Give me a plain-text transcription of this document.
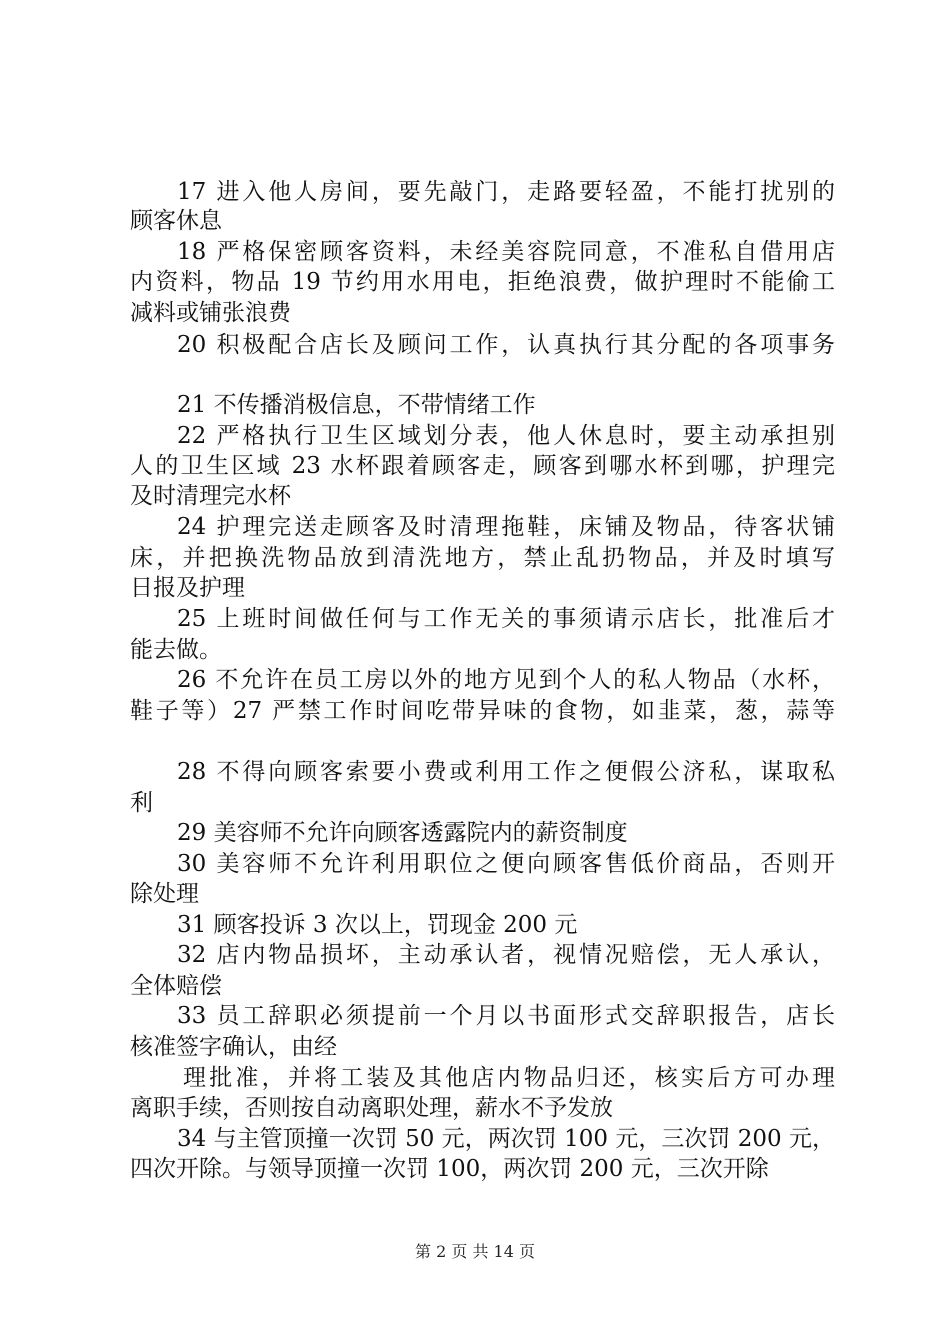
17 进入他人房间，要先敲门，走路要轻盈，不能打扰别的
顾客休息
18 严格保密顾客资料，未经美容院同意，不准私自借用店
内资料，物品 19 节约用水用电，拒绝浪费，做护理时不能偷工
减料或铺张浪费
20 积极配合店长及顾问工作，认真执行其分配的各项事务
21 不传播消极信息，不带情绪工作
22 严格执行卫生区域划分表，他人休息时，要主动承担别
人的卫生区域 23 水杯跟着顾客走，顾客到哪水杯到哪，护理完
及时清理完水杯
24 护理完送走顾客及时清理拖鞋，床铺及物品，待客状铺
床，并把换洗物品放到清洗地方，禁止乱扔物品，并及时填写
日报及护理
25 上班时间做任何与工作无关的事须请示店长，批准后才
能去做。
26 不允许在员工房以外的地方见到个人的私人物品（水杯，
鞋子等）27 严禁工作时间吃带异味的食物，如韭菜，葱，蒜等
28 不得向顾客索要小费或利用工作之便假公济私，谋取私
利
29 美容师不允许向顾客透露院内的薪资制度
30 美容师不允许利用职位之便向顾客售低价商品，否则开
除处理
31 顾客投诉 3 次以上，罚现金 200 元
32 店内物品损坏，主动承认者，视情况赔偿，无人承认，
全体赔偿
33 员工辞职必须提前一个月以书面形式交辞职报告，店长
核准签字确认，由经
理批准，并将工装及其他店内物品归还，核实后方可办理
离职手续，否则按自动离职处理，薪水不予发放
34 与主管顶撞一次罚 50 元，两次罚 100 元，三次罚 200 元，
四次开除。与领导顶撞一次罚 100，两次罚 200 元，三次开除
第 2 页 共 14 页
